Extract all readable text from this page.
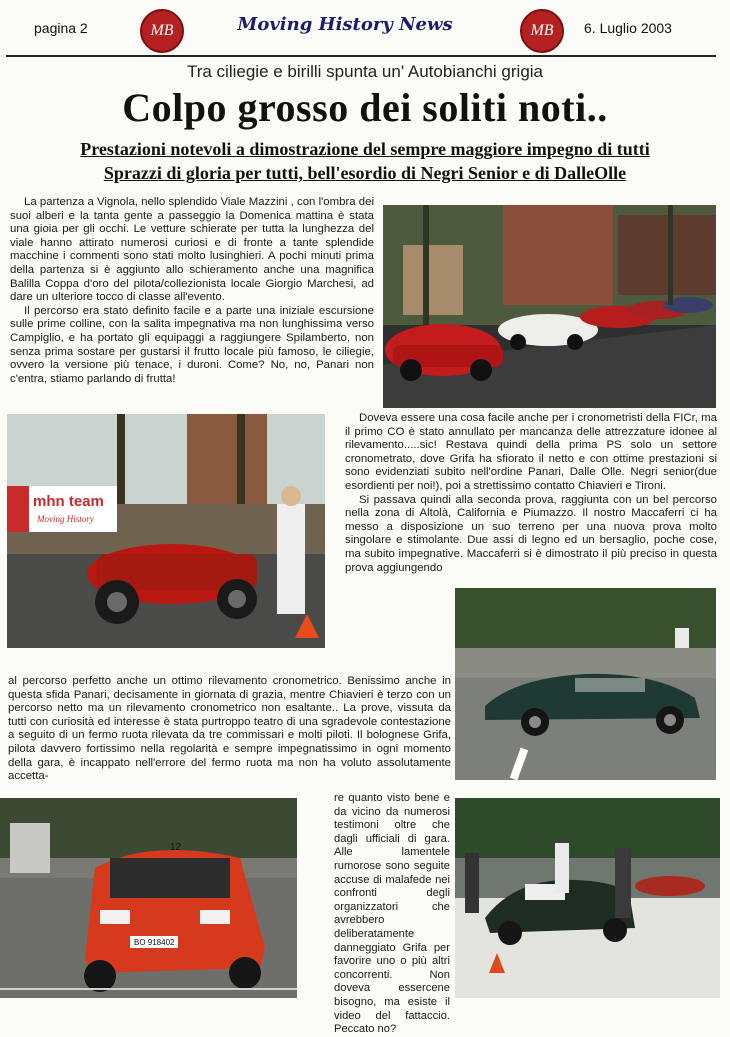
pagina 2	MB	Moving History News	MB	6. Luglio 2003
Tra ciliegie e birilli spunta un' Autobianchi grigia
Colpo grosso dei soliti noti..
Prestazioni notevoli a dimostrazione del sempre maggiore impegno di tutti
Sprazzi di gloria per tutti, bell'esordio di Negri Senior e di DalleOlle

La partenza a Vignola, nello splendido Viale Mazzini , con l'ombra dei suoi alberi e la tanta gente a passeggio la Domenica mattina è stata una gioia per gli occhi. Le vetture schierate per tutta la lunghezza del viale hanno attirato numerosi curiosi e di fronte a tante splendide macchine i commenti sono stati molto lusinghieri. A pochi minuti prima della partenza si è aggiunto allo schieramento anche una magnifica Balilla Coppa d'oro del pilota/collezionista locale Giorgio Marchesi, ad dare un ulteriore tocco di classe all'evento.

Il percorso era stato definito facile e a parte una iniziale escursione sulle prime colline, con la salita impegnativa ma non lunghissima verso Campiglio, e ha portato gli equipaggi a raggiungere Spilamberto, non senza prima sostare per gustarsi il frutto locale più famoso, le ciliegie, ovvero la versione più tenace, i duroni. Come? No, no, Panari non c'entra, stiamo parlando di frutta!

mhn team
Moving History

Doveva essere una cosa facile anche per i cronometristi della FICr, ma il primo CO è stato annullato per mancanza delle attrezzature idonee al rilevamento.....sic! Restava quindi della prima PS solo un settore cronometrato, dove Grifa ha sfiorato il netto e con ottime prestazioni si sono evidenziati subito nell'ordine Panari, Dalle Olle. Negri senior(due esordienti per noi!), poi a strettissimo contatto Chiavieri e Tironi.

Si passava quindi alla seconda prova, raggiunta con un bel percorso nella zona di Altolà, California e Piumazzo. Il nostro Maccaferri ci ha messo a disposizione un suo terreno per una nuova prova molto singolare e stimolante. Due assi di legno ed un bersaglio, poche cose, ma subito impegnative. Maccaferri si è dimostrato il più preciso in questa prova aggiungendo

al percorso perfetto anche un ottimo rilevamento cronometrico. Benissimo anche in questa sfida Panari, decisamente in giornata di grazia, mentre Chiavieri è terzo con un percorso netto ma un rilevamento cronometrico non esaltante.. La prove, vissuta da tutti con curiosità ed interesse è stata purtroppo teatro di una sgradevole contestazione a seguito di un fermo ruota rilevata da tre commissari e molti piloti. Il bolognese Grifa, pilota davvero fortissimo nella regolarità e sempre impegnatissimo in ogni momento della gara, è incappato nell'errore del fermo ruota ma non ha voluto assolutamente accetta-

12
BO 918402

re quanto visto bene e da vicino da numerosi testimoni oltre che dagli ufficiali di gara. Alle lamentele rumorose sono seguite accuse di malafede nei confronti degli organizzatori che avrebbero deliberatamente danneggiato Grifa per favorire uno o più altri concorrenti. Non doveva essercene bisogno, ma esiste il video del fattaccio. Peccato no?
